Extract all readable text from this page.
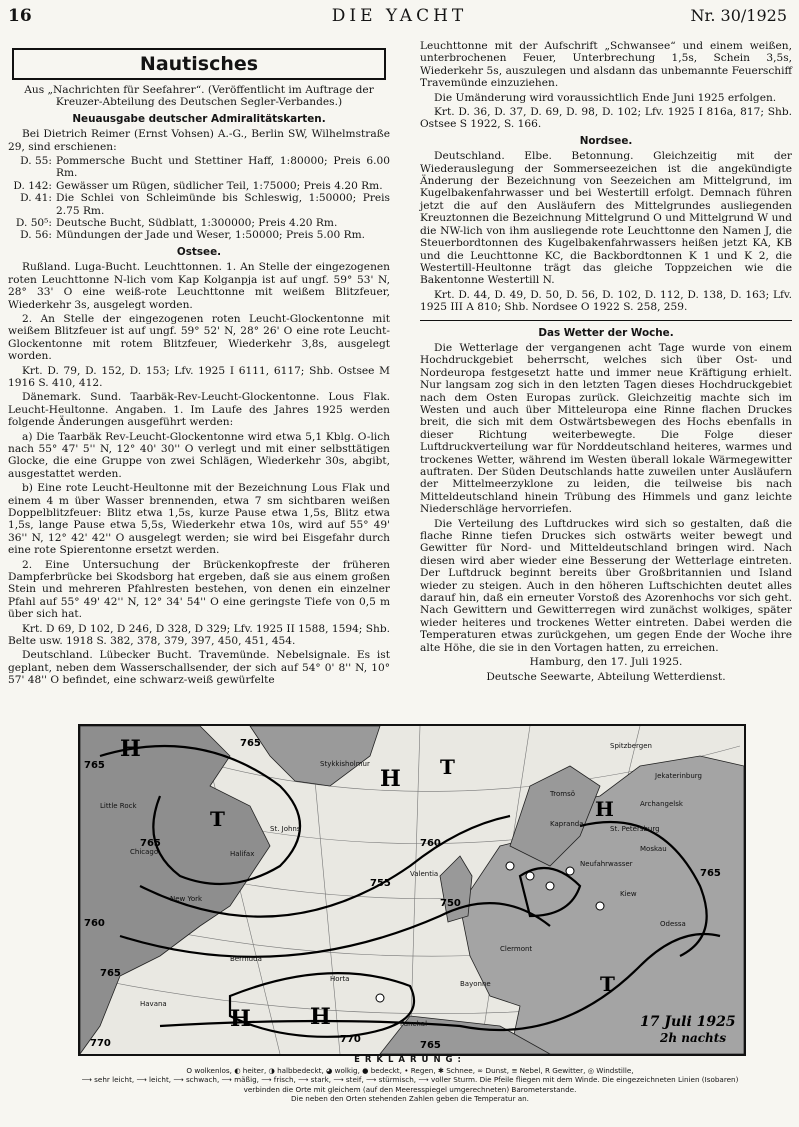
16	DIE YACHT	Nr. 30/1925
Nautisches

Aus „Nachrichten für Seefahrer“. (Veröffentlicht im Auftrage der Kreuzer-Abteilung des Deutschen Segler-Verbandes.)

Neuausgabe deutscher Admiralitätskarten.

Bei Dietrich Reimer (Ernst Vohsen) A.-G., Berlin SW, Wilhelmstraße 29, sind erschienen:

D. 55: Pommersche Bucht und Stettiner Haff, 1:80000; Preis 6.00 Rm.
D. 142: Gewässer um Rügen, südlicher Teil, 1:75000; Preis 4.20 Rm.
D. 41: Die Schlei von Schleimünde bis Schleswig, 1:50000; Preis 2.75 Rm.
D. 50⁵: Deutsche Bucht, Südblatt, 1:300000; Preis 4.20 Rm.
D. 56: Mündungen der Jade und Weser, 1:50000; Preis 5.00 Rm.
Ostsee.

Rußland. Luga-Bucht. Leuchttonnen. 1. An Stelle der eingezogenen roten Leuchttonne N-lich vom Kap Kolganpja ist auf ungf. 59° 53' N, 28° 33' O eine weiß-rote Leuchttonne mit weißem Blitzfeuer, Wiederkehr 3s, ausgelegt worden.

2. An Stelle der eingezogenen roten Leucht-Glockentonne mit weißem Blitzfeuer ist auf ungf. 59° 52' N, 28° 26' O eine rote Leucht-Glockentonne mit rotem Blitzfeuer, Wiederkehr 3,8s, ausgelegt worden.

Krt. D. 79, D. 152, D. 153; Lfv. 1925 I 6111, 6117; Shb. Ostsee M 1916 S. 410, 412.

Dänemark. Sund. Taarbäk-Rev-Leucht-Glockentonne. Lous Flak. Leucht-Heultonne. Angaben. 1. Im Laufe des Jahres 1925 werden folgende Änderungen ausgeführt werden:

a) Die Taarbäk Rev-Leucht-Glockentonne wird etwa 5,1 Kblg. O-lich nach 55° 47' 5'' N, 12° 40' 30'' O verlegt und mit einer selbsttätigen Glocke, die eine Gruppe von zwei Schlägen, Wiederkehr 30s, abgibt, ausgestattet werden.

b) Eine rote Leucht-Heultonne mit der Bezeichnung Lous Flak und einem 4 m über Wasser brennenden, etwa 7 sm sichtbaren weißen Doppelblitzfeuer: Blitz etwa 1,5s, kurze Pause etwa 1,5s, Blitz etwa 1,5s, lange Pause etwa 5,5s, Wiederkehr etwa 10s, wird auf 55° 49' 36'' N, 12° 42' 42'' O ausgelegt werden; sie wird bei Eisgefahr durch eine rote Spierentonne ersetzt werden.

2. Eine Untersuchung der Brückenkopfreste der früheren Dampferbrücke bei Skodsborg hat ergeben, daß sie aus einem großen Stein und mehreren Pfahlresten bestehen, von denen ein einzelner Pfahl auf 55° 49' 42'' N, 12° 34' 54'' O eine geringste Tiefe von 0,5 m über sich hat.

Krt. D 69, D 102, D 246, D 328, D 329; Lfv. 1925 II 1588, 1594; Shb. Belte usw. 1918 S. 382, 378, 379, 397, 450, 451, 454.

Deutschland. Lübecker Bucht. Travemünde. Nebelsignale. Es ist geplant, neben dem Wasserschallsender, der sich auf 54° 0' 8'' N, 10° 57' 48'' O befindet, eine schwarz-weiß gewürfelte

Leuchttonne mit der Aufschrift „Schwansee“ und einem weißen, unterbrochenen Feuer, Unterbrechung 1,5s, Schein 3,5s, Wiederkehr 5s, auszulegen und alsdann das unbemannte Feuerschiff Travemünde einzuziehen.

Die Umänderung wird voraussichtlich Ende Juni 1925 erfolgen.

Krt. D. 36, D. 37, D. 69, D. 98, D. 102; Lfv. 1925 I 816a, 817; Shb. Ostsee S 1922, S. 166.

Nordsee.

Deutschland. Elbe. Betonnung. Gleichzeitig mit der Wiederauslegung der Sommerseezeichen ist die angekündigte Änderung der Bezeichnung von Seezeichen am Mittelgrund, im Kugelbakenfahrwasser und bei Westertill erfolgt. Demnach führen jetzt die auf den Ausläufern des Mittelgrundes ausliegenden Kreuztonnen die Bezeichnung Mittelgrund O und Mittelgrund W und die NW-lich von ihm ausliegende rote Leuchttonne den Namen J, die Steuerbordtonnen des Kugelbakenfahrwassers heißen jetzt KA, KB und die Leuchttonne KC, die Backbordtonnen K 1 und K 2, die Westertill-Heultonne trägt das gleiche Toppzeichen wie die Bakentonne Westertill N.

Krt. D. 44, D. 49, D. 50, D. 56, D. 102, D. 112, D. 138, D. 163; Lfv. 1925 III A 810; Shb. Nordsee O 1922 S. 258, 259.

Das Wetter der Woche.

Die Wetterlage der vergangenen acht Tage wurde von einem Hochdruckgebiet beherrscht, welches sich über Ost- und Nordeuropa festgesetzt hatte und immer neue Kräftigung erhielt. Nur langsam zog sich in den letzten Tagen dieses Hochdruckgebiet nach dem Osten Europas zurück. Gleichzeitig machte sich im Westen und auch über Mitteleuropa eine Rinne flachen Druckes breit, die sich mit dem Ostwärtsbewegen des Hochs ebenfalls in dieser Richtung weiterbewegte. Die Folge dieser Luftdruckverteilung war für Norddeutschland heiteres, warmes und trockenes Wetter, während im Westen überall lokale Wärmegewitter auftraten. Der Süden Deutschlands hatte zuweilen unter Ausläufern der Mittelmeerzyklone zu leiden, die teilweise bis nach Mitteldeutschland hinein Trübung des Himmels und ganz leichte Niederschläge hervorriefen.

Die Verteilung des Luftdruckes wird sich so gestalten, daß die flache Rinne tiefen Druckes sich ostwärts weiter bewegt und Gewitter für Nord- und Mitteldeutschland bringen wird. Nach diesen wird aber wieder eine Besserung der Wetterlage eintreten. Der Luftdruck beginnt bereits über Großbritannien und Island wieder zu steigen. Auch in den höheren Luftschichten deutet alles darauf hin, daß ein erneuter Vorstoß des Azorenhochs vor sich geht. Nach Gewittern und Gewitterregen wird zunächst wolkiges, später wieder heiteres und trockenes Wetter eintreten. Dabei werden die Temperaturen etwas zurückgehen, um gegen Ende der Woche ihre alte Höhe, die sie in den Vortagen hatten, zu erreichen.

Hamburg, den 17. Juli 1925.

Deutsche Seewarte, Abteilung Wetterdienst.

H
H
T
T
H
H	H
T
765
765
765
760
760
755
750
770	765
765
770
765
Spitzbergen
Jekaterinburg
Tromsö
Archangelsk
Kapranda
St. Petersburg
Moskau
Neufahrwasser
Kiew
Odessa
Clermont
Bayonne
Horta
Funchal
Valentia
Stykkisholmur
Little Rock
Chicago
New York
Halifax
St. Johns
Bermuda
Havana
17 Juli 1925
2h nachts
ERKLÄRUNG:
O wolkenlos, ◐ heiter, ◑ halbbedeckt, ◕ wolkig, ● bedeckt, • Regen, ✱ Schnee, ∞ Dunst, ≡ Nebel, R Gewitter, ◎ Windstille,
⟶ sehr leicht, ⟶ leicht, ⟶ schwach, ⟶ mäßig, ⟶ frisch, ⟶ stark, ⟶ steif, ⟶ stürmisch, ⟶ voller Sturm. Die Pfeile fliegen mit dem Winde. Die eingezeichneten Linien (Isobaren) verbinden die Orte mit gleichem (auf den Meeresspiegel umgerechneten) Barometerstande.
Die neben den Orten stehenden Zahlen geben die Temperatur an.
